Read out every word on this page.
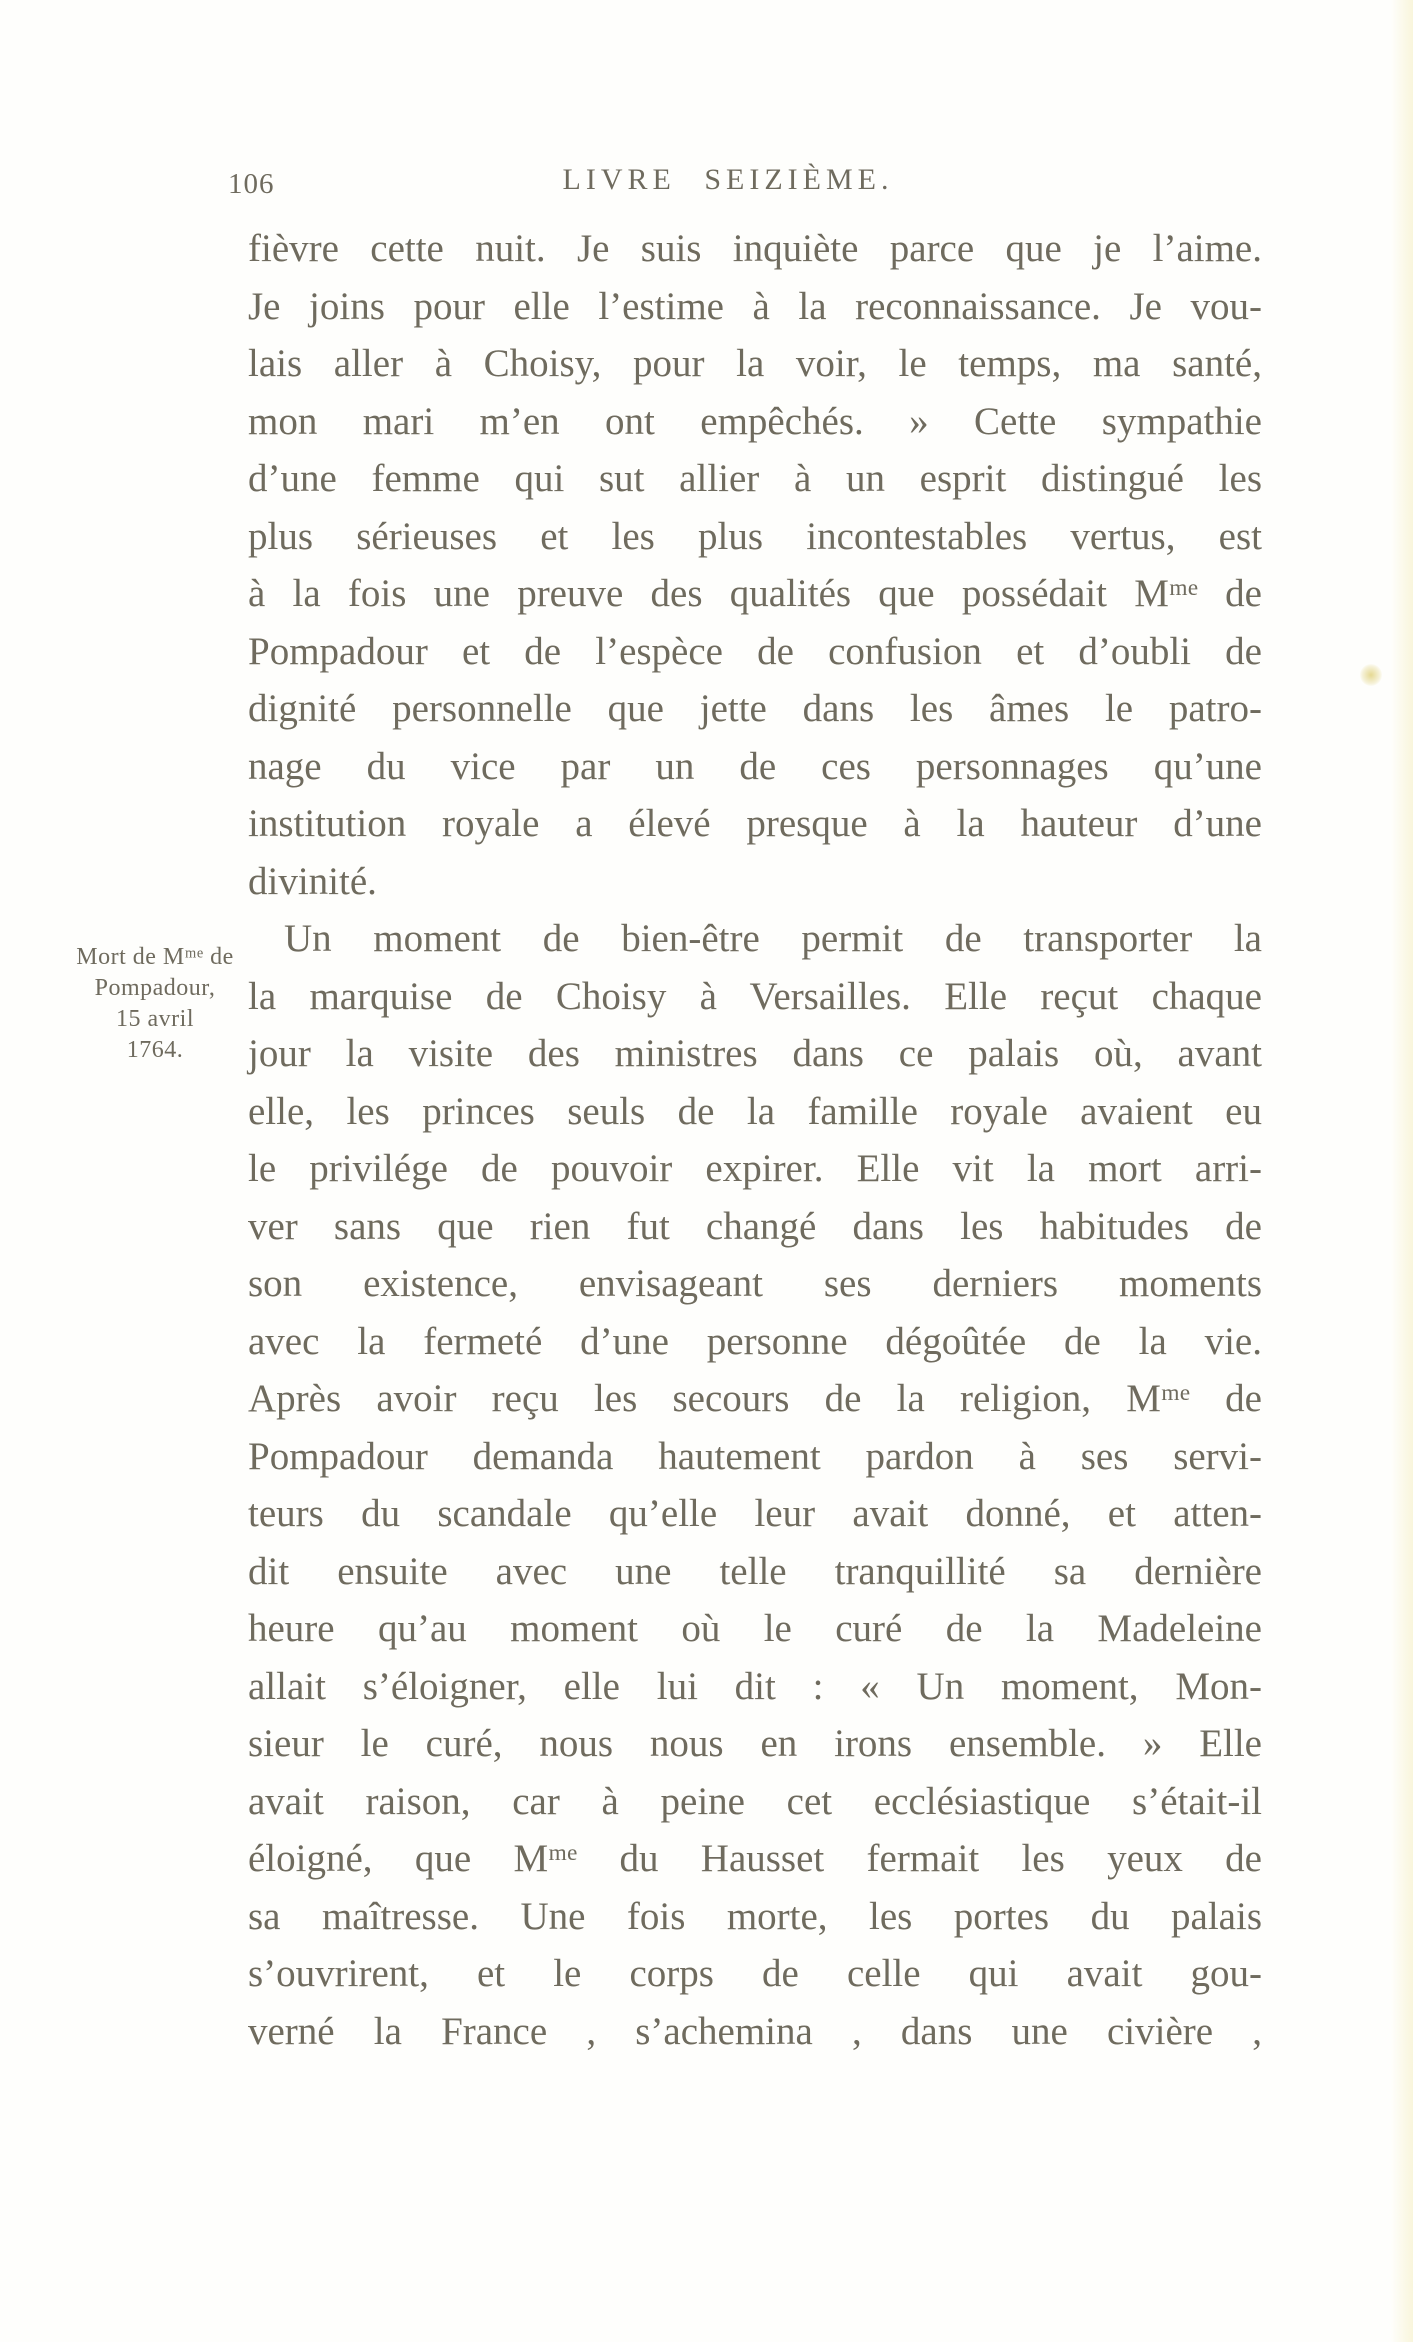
106	LIVRE SEIZIÈME.
Mort de Mᵐᵉ de
Pompadour,
15 avril
1764.
fièvre cette nuit. Je suis inquiète parce que je l’aime.
Je joins pour elle l’estime à la reconnaissance. Je vou-
lais aller à Choisy, pour la voir, le temps, ma santé,
mon mari m’en ont empêchés. » Cette sympathie
d’une femme qui sut allier à un esprit distingué les
plus sérieuses et les plus incontestables vertus, est
à la fois une preuve des qualités que possédait Mᵐᵉ de
Pompadour et de l’espèce de confusion et d’oubli de
dignité personnelle que jette dans les âmes le patro-
nage du vice par un de ces personnages qu’une
institution royale a élevé presque à la hauteur d’une
divinité.
Un moment de bien-être permit de transporter la
la marquise de Choisy à Versailles. Elle reçut chaque
jour la visite des ministres dans ce palais où, avant
elle, les princes seuls de la famille royale avaient eu
le privilége de pouvoir expirer. Elle vit la mort arri-
ver sans que rien fut changé dans les habitudes de
son existence, envisageant ses derniers moments
avec la fermeté d’une personne dégoûtée de la vie.
Après avoir reçu les secours de la religion, Mᵐᵉ de
Pompadour demanda hautement pardon à ses servi-
teurs du scandale qu’elle leur avait donné, et atten-
dit ensuite avec une telle tranquillité sa dernière
heure qu’au moment où le curé de la Madeleine
allait s’éloigner, elle lui dit : « Un moment, Mon-
sieur le curé, nous nous en irons ensemble. » Elle
avait raison, car à peine cet ecclésiastique s’était-il
éloigné, que Mᵐᵉ du Hausset fermait les yeux de
sa maîtresse. Une fois morte, les portes du palais
s’ouvrirent, et le corps de celle qui avait gou-
verné la France , s’achemina , dans une civière ,
